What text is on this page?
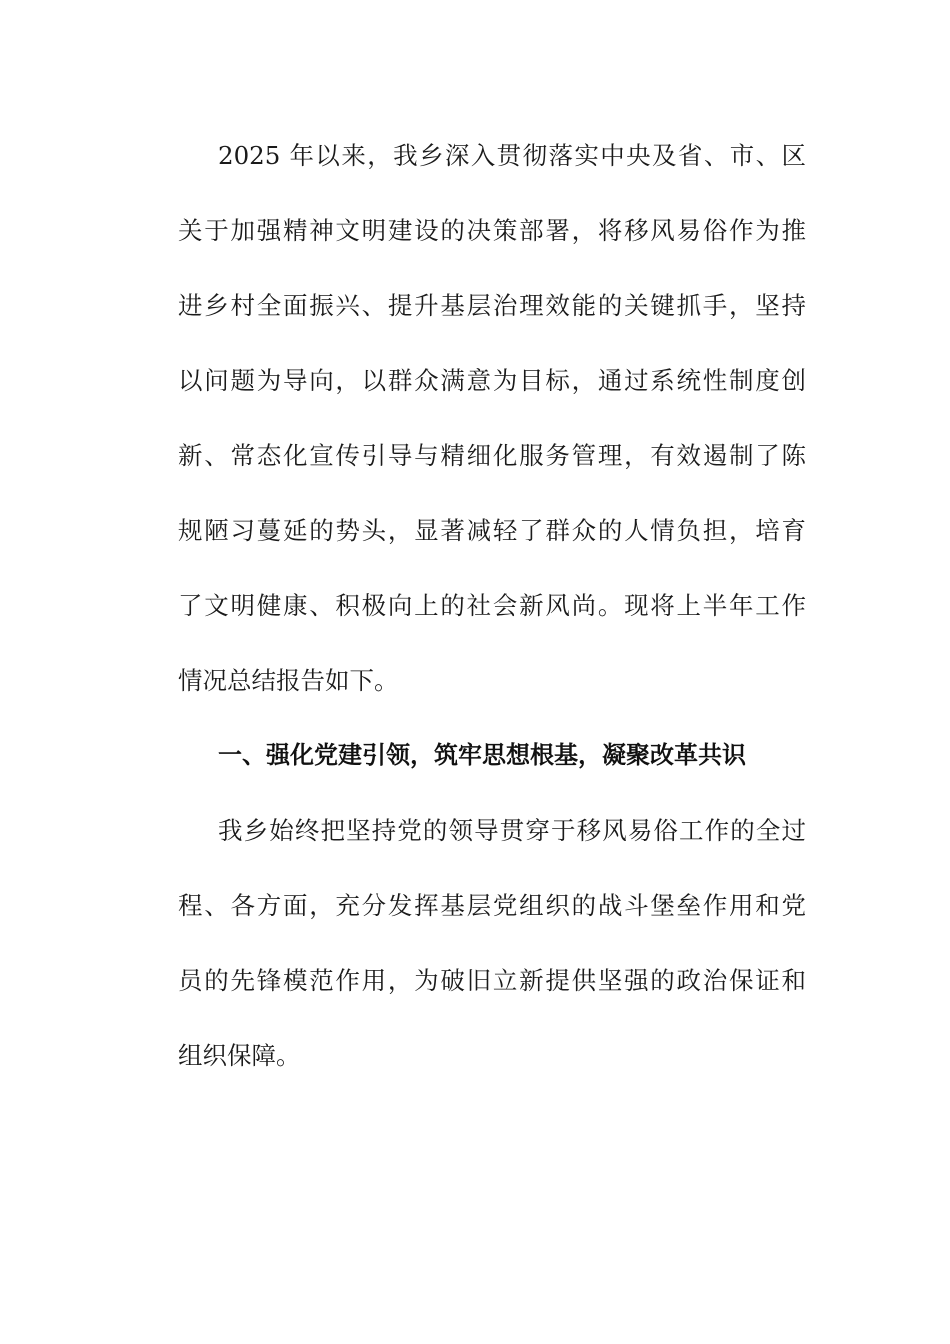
2025 年以来，我乡深入贯彻落实中央及省、市、区
关于加强精神文明建设的决策部署，将移风易俗作为推
进乡村全面振兴、提升基层治理效能的关键抓手，坚持
以问题为导向，以群众满意为目标，通过系统性制度创
新、常态化宣传引导与精细化服务管理，有效遏制了陈
规陋习蔓延的势头，显著减轻了群众的人情负担，培育
了文明健康、积极向上的社会新风尚。现将上半年工作
情况总结报告如下。
一、强化党建引领，筑牢思想根基，凝聚改革共识
我乡始终把坚持党的领导贯穿于移风易俗工作的全过
程、各方面，充分发挥基层党组织的战斗堡垒作用和党
员的先锋模范作用，为破旧立新提供坚强的政治保证和
组织保障。
